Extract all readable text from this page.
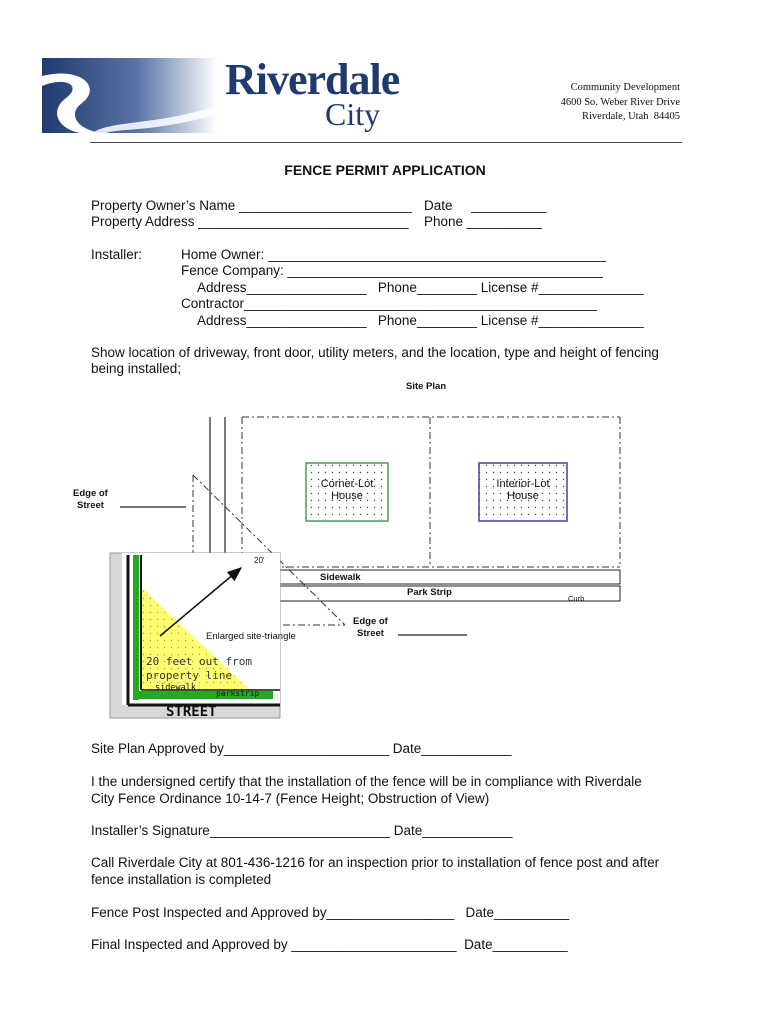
Riverdale
City
Community Development
4600 So. Weber River Drive
Riverdale, Utah  84405
FENCE PERMIT APPLICATION
Property Owner’s Name _______________________
Property Address ____________________________
Date     __________
Phone __________
Installer:	Home Owner: _____________________________________________
Fence Company: __________________________________________
Address________________   Phone________ License #______________
Contractor_______________________________________________
Address________________   Phone________ License #______________
Show location of driveway, front door, utility meters, and the location, type and height of fencing
being installed;
Site Plan
Edge of
Street
Corner-Lot
House
Interior-Lot
House
20'
Sidewalk
Park Strip
Curb
Enlarged site-triangle
Edge of
Street
20 feet out from
property line
sidewalk
parkstrip
STREET
Site Plan Approved by______________________ Date____________
I the undersigned certify that the installation of the fence will be in compliance with Riverdale
City Fence Ordinance 10-14-7 (Fence Height; Obstruction of View)
Installer’s Signature________________________ Date____________
Call Riverdale City at 801-436-1216 for an inspection prior to installation of fence post and after
fence installation is completed
Fence Post Inspected and Approved by_________________   Date__________
Final Inspected and Approved by ______________________  Date__________
